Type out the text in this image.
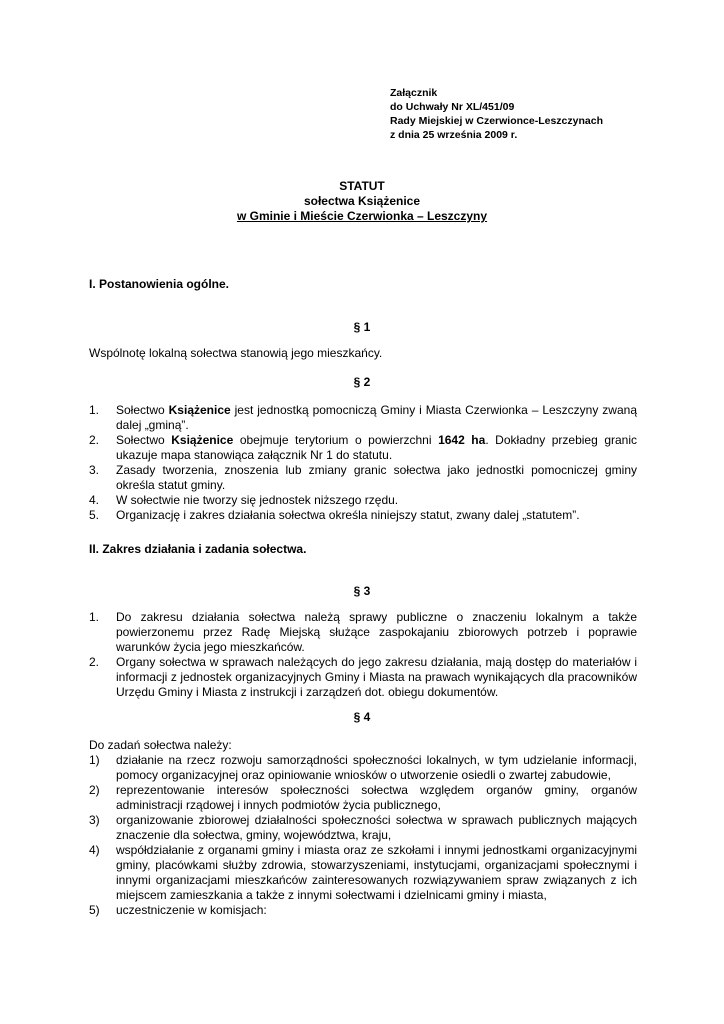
Załącznik
do Uchwały Nr XL/451/09
Rady Miejskiej w Czerwionce-Leszczynach
z dnia 25 września 2009 r.
STATUT
sołectwa Książenice
w Gminie i Mieście Czerwionka – Leszczyny
I. Postanowienia ogólne.
§ 1
Wspólnotę lokalną sołectwa stanowią jego mieszkańcy.
§ 2
1. Sołectwo Książenice jest jednostką pomocniczą Gminy i Miasta Czerwionka – Leszczyny zwaną dalej „gminą”.
2. Sołectwo Książenice obejmuje terytorium o powierzchni 1642 ha. Dokładny przebieg granic ukazuje mapa stanowiąca załącznik Nr 1 do statutu.
3. Zasady tworzenia, znoszenia lub zmiany granic sołectwa jako jednostki pomocniczej gminy określa statut gminy.
4. W sołectwie nie tworzy się jednostek niższego rzędu.
5. Organizację i zakres działania sołectwa określa niniejszy statut, zwany dalej „statutem”.
II. Zakres działania i zadania sołectwa.
§ 3
1. Do zakresu działania sołectwa należą sprawy publiczne o znaczeniu lokalnym a także powierzonemu przez Radę Miejską służące zaspokajaniu zbiorowych potrzeb i poprawie warunków życia jego mieszkańców.
2. Organy sołectwa w sprawach należących do jego zakresu działania, mają dostęp do materiałów i informacji z jednostek organizacyjnych Gminy i Miasta na prawach wynikających dla pracowników Urzędu Gminy i Miasta z instrukcji i zarządzeń dot. obiegu dokumentów.
§ 4
Do zadań sołectwa należy:
1) działanie na rzecz rozwoju samorządności społeczności lokalnych, w tym udzielanie informacji, pomocy organizacyjnej oraz opiniowanie wniosków o utworzenie osiedli o zwartej zabudowie,
2) reprezentowanie interesów społeczności sołectwa względem organów gminy, organów administracji rządowej i innych podmiotów życia publicznego,
3) organizowanie zbiorowej działalności społeczności sołectwa w sprawach publicznych mających znaczenie dla sołectwa, gminy, województwa, kraju,
4) współdziałanie z organami gminy i miasta oraz ze szkołami i innymi jednostkami organizacyjnymi gminy, placówkami służby zdrowia, stowarzyszeniami, instytucjami, organizacjami społecznymi i innymi organizacjami mieszkańców zainteresowanych rozwiązywaniem spraw związanych z ich miejscem zamieszkania a także z innymi sołectwami i dzielnicami gminy i miasta,
5) uczestniczenie w komisjach:
